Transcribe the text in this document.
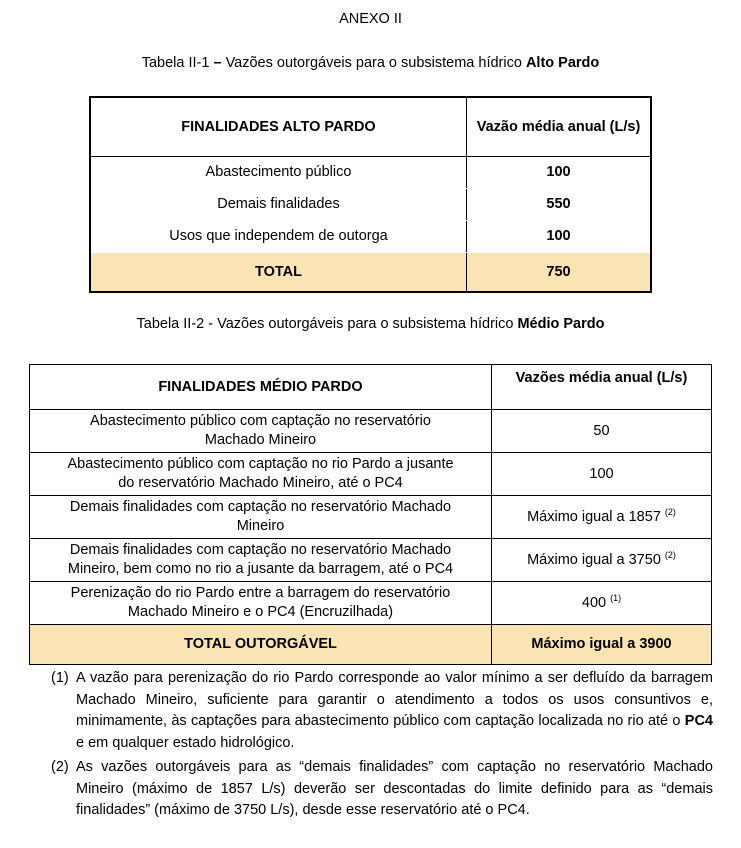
ANEXO II
Tabela II-1 – Vazões outorgáveis para o subsistema hídrico Alto Pardo
FINALIDADES ALTO PARDO	Vazão média anual (L/s)
Abastecimento público	100
Demais finalidades	550
Usos que independem de outorga	100
TOTAL	750
Tabela II-2 - Vazões outorgáveis para o subsistema hídrico Médio Pardo
FINALIDADES MÉDIO PARDO	Vazões média anual (L/s)
Abastecimento público com captação no reservatório
Machado Mineiro	50
Abastecimento público com captação no rio Pardo a jusante
do reservatório Machado Mineiro, até o PC4	100
Demais finalidades com captação no reservatório Machado
Mineiro	Máximo igual a 1857 $^{(2)}$
Demais finalidades com captação no reservatório Machado
Mineiro, bem como no rio a jusante da barragem, até o PC4	Máximo igual a 3750 $^{(2)}$
Perenização do rio Pardo entre a barragem do reservatório
Machado Mineiro e o PC4 (Encruzilhada)	400 $^{(1)}$
TOTAL OUTORGÁVEL	Máximo igual a 3900
(1) A vazão para perenização do rio Pardo corresponde ao valor mínimo a ser defluído da barragem Machado Mineiro, suficiente para garantir o atendimento a todos os usos consuntivos e, minimamente, às captações para abastecimento público com captação localizada no rio até o PC4 e em qualquer estado hidrológico.
(2) As vazões outorgáveis para as “demais finalidades” com captação no reservatório Machado Mineiro (máximo de 1857 L/s) deverão ser descontadas do limite definido para as “demais finalidades” (máximo de 3750 L/s), desde esse reservatório até o PC4.
